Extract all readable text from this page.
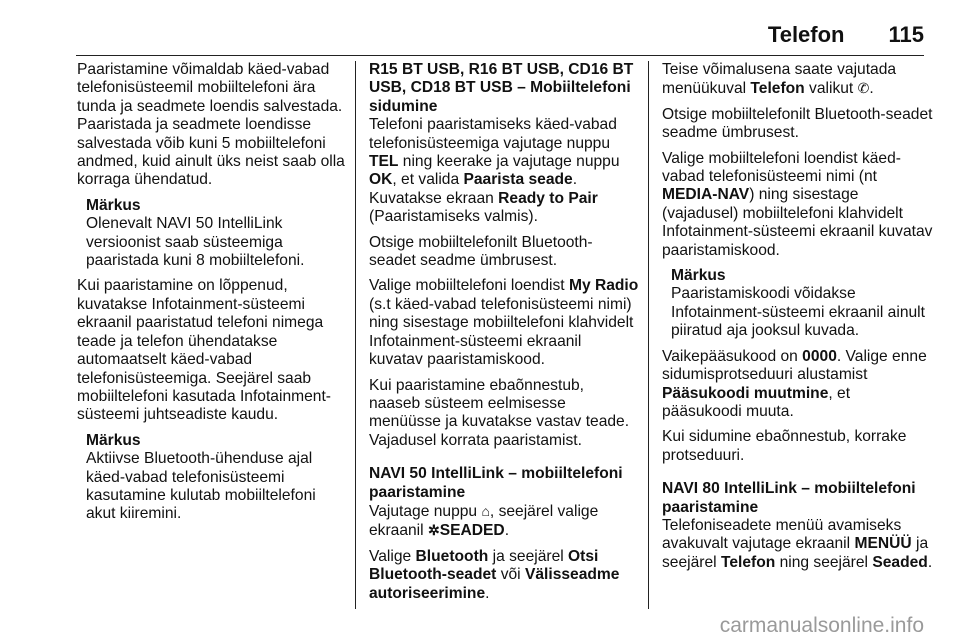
Telefon 115

Paaristamine võimaldab käed-vabad telefonisüsteemil mobiiltelefoni ära tunda ja seadmete loendis salvestada. Paaristada ja seadmete loendisse salvestada võib kuni 5 mobiiltelefoni andmed, kuid ainult üks neist saab olla korraga ühendatud.

Märkus
Olenevalt NAVI 50 IntelliLink versioonist saab süsteemiga paaristada kuni 8 mobiiltelefoni.

Kui paaristamine on lõppenud, kuvatakse Infotainment-süsteemi ekraanil paaristatud telefoni nimega teade ja telefon ühendatakse automaatselt käed-vabad telefonisüsteemiga. Seejärel saab mobiiltelefoni kasutada Infotainment-süsteemi juhtseadiste kaudu.

Märkus
Aktiivse Bluetooth-ühenduse ajal käed-vabad telefonisüsteemi kasutamine kulutab mobiiltelefoni akut kiiremini.
R15 BT USB, R16 BT USB, CD16 BT USB, CD18 BT USB – Mobiiltelefoni sidumine

Telefoni paaristamiseks käed-vabad telefonisüsteemiga vajutage nuppu TEL ning keerake ja vajutage nuppu OK, et valida Paarista seade. Kuvatakse ekraan Ready to Pair (Paaristamiseks valmis).

Otsige mobiiltelefonilt Bluetooth-seadet seadme ümbrusest.

Valige mobiiltelefoni loendist My Radio (s.t käed-vabad telefonisüsteemi nimi) ning sisestage mobiiltelefoni klahvidelt Infotainment-süsteemi ekraanil kuvatav paaristamiskood.

Kui paaristamine ebaõnnestub, naaseb süsteem eelmisesse menüüsse ja kuvatakse vastav teade. Vajadusel korrata paaristamist.

NAVI 50 IntelliLink – mobiiltelefoni paaristamine

Vajutage nuppu ⌂, seejärel valige ekraanil ✲SEADED.

Valige Bluetooth ja seejärel Otsi Bluetooth-seadet või Välisseadme autoriseerimine.

Teise võimalusena saate vajutada menüükuval Telefon valikut ✆.

Otsige mobiiltelefonilt Bluetooth-seadet seadme ümbrusest.

Valige mobiiltelefoni loendist käed-vabad telefonisüsteemi nimi (nt MEDIA-NAV) ning sisestage (vajadusel) mobiiltelefoni klahvidelt Infotainment-süsteemi ekraanil kuvatav paaristamiskood.

Märkus
Paaristamiskoodi võidakse Infotainment-süsteemi ekraanil ainult piiratud aja jooksul kuvada.

Vaikepääsukood on 0000. Valige enne sidumisprotseduuri alustamist Pääsukoodi muutmine, et pääsukoodi muuta.

Kui sidumine ebaõnnestub, korrake protseduuri.

NAVI 80 IntelliLink – mobiiltelefoni paaristamine

Telefoniseadete menüü avamiseks avakuvalt vajutage ekraanil MENÜÜ ja seejärel Telefon ning seejärel Seaded.

carmanualsonline.info
